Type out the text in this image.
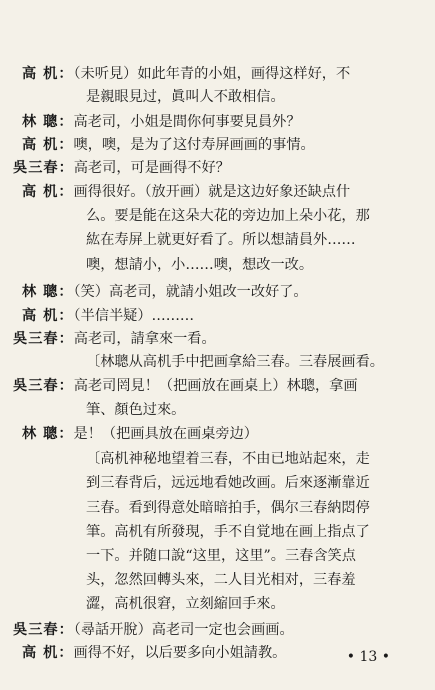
高 机：（未听見）如此年青的小姐，画得这样好，不
是親眼見过，眞叫人不敢相信。
林 聰：高老司，小姐是間你何事要見員外？
高 机：噢，噢，是为了这付寿屏画画的事情。
吳三春：高老司，可是画得不好？
高 机：画得很好。（放开画）就是这边好象还缺点什
么。要是能在这朵大花的旁边加上朵小花，那
紘在寿屏上就更好看了。所以想請員外……
噢，想請小，小……噢，想改一改。
林 聰：（笑）高老司，就請小姐改一改好了。
高 机：（半信半疑）………
吳三春：高老司，請拿來一看。
〔林聰从高机手中把画拿給三春。三春展画看。
吳三春：高老司罔見！（把画放在画桌上）林聰，拿画
筆、顏色过來。
林 聰：是！（把画具放在画桌旁边）
〔高机神秘地望着三春，不由已地站起來，走
到三春背后，远远地看她改画。后來逐漸靠近
三春。看到得意处暗暗拍手，偶尔三春納悶停
筆。高机有所發現，手不自覚地在画上指点了
一下。并随口說“这里，这里”。三春含笑点
头，忽然回轉头來，二人目光相对，三春羞
澀，高机很窘，立刻縮回手來。
吳三春：（尋話开脫）高老司一定也会画画。
高 机：画得不好，以后要多向小姐請教。	• 13 •
